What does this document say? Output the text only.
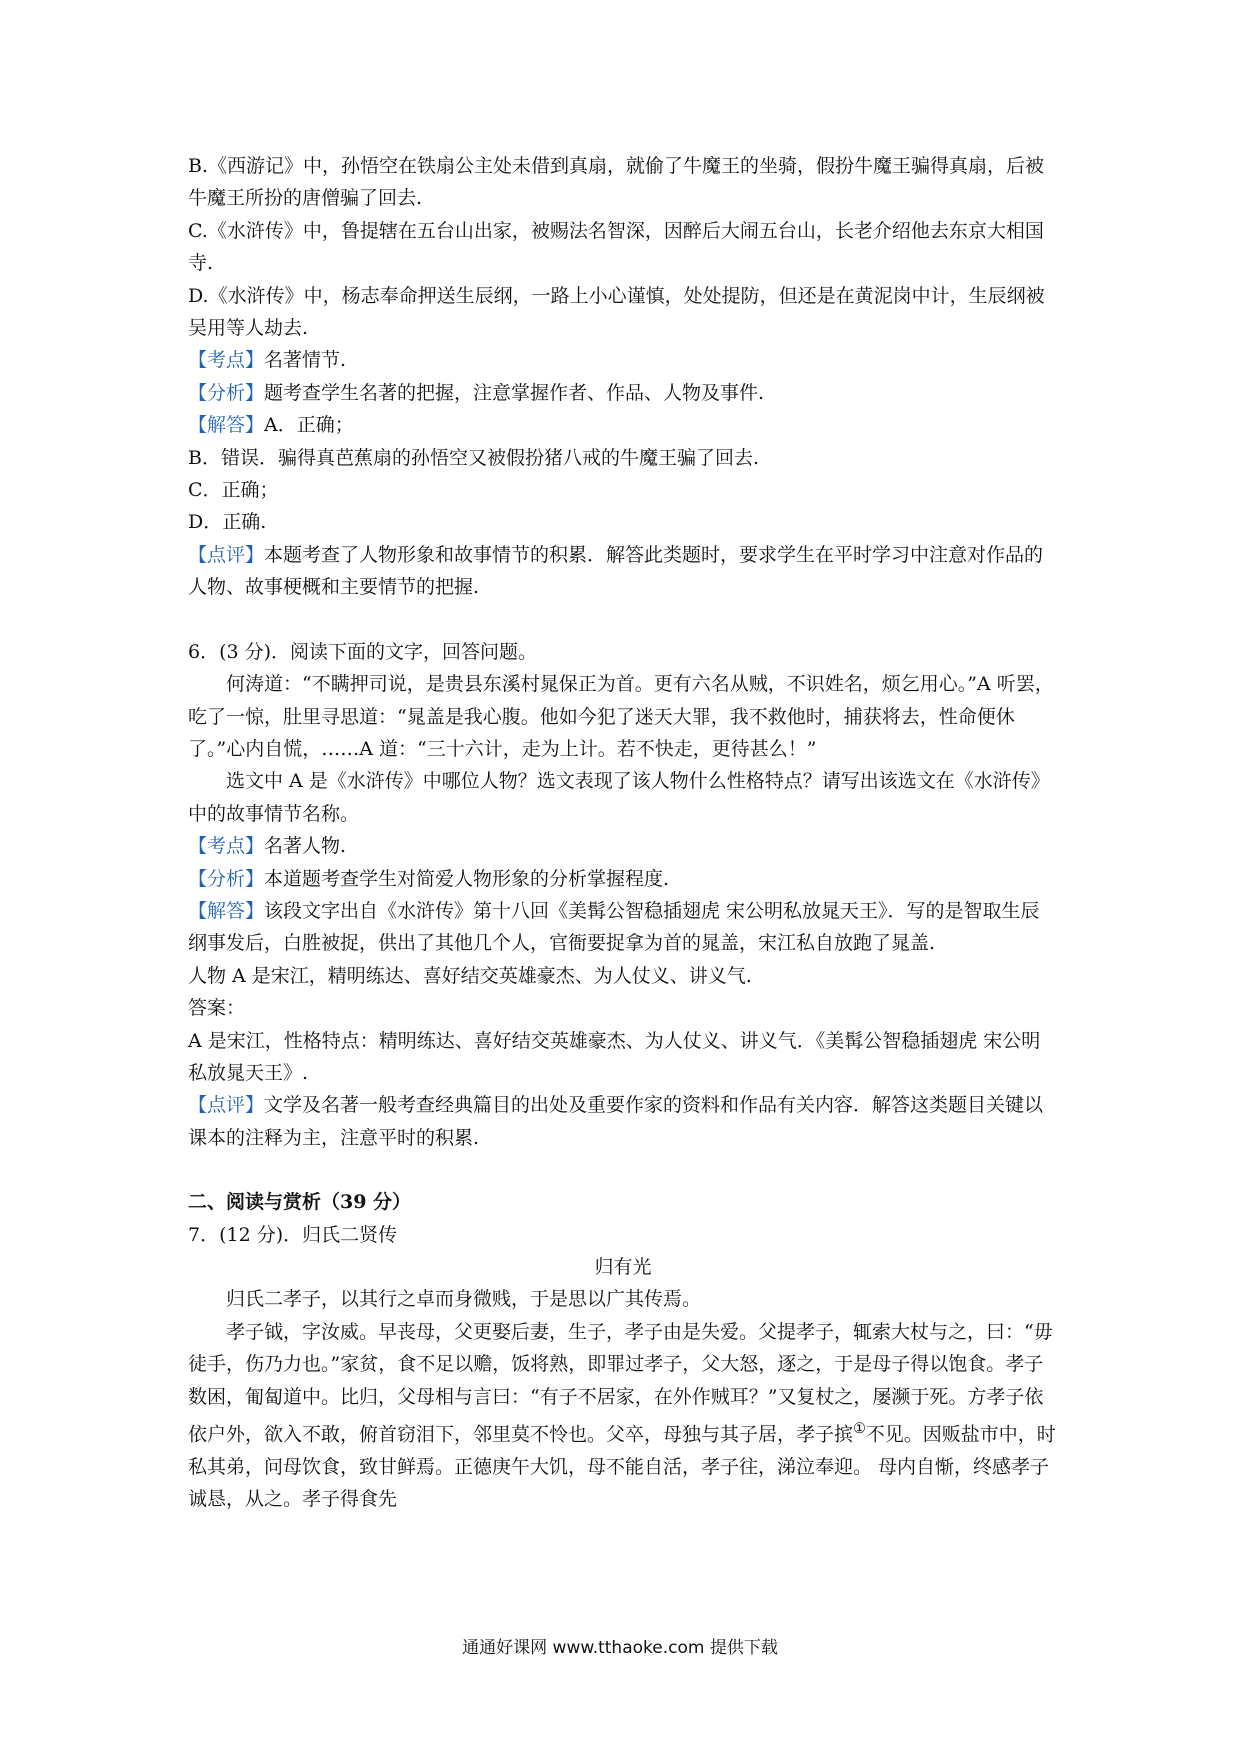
B.《西游记》中，孙悟空在铁扇公主处未借到真扇，就偷了牛魔王的坐骑，假扮牛魔王骗得真扇，后被牛魔王所扮的唐僧骗了回去.

C.《水浒传》中，鲁提辖在五台山出家，被赐法名智深，因醉后大闹五台山，长老介绍他去东京大相国寺.

D.《水浒传》中，杨志奉命押送生辰纲，一路上小心谨慎，处处提防，但还是在黄泥岗中计，生辰纲被吴用等人劫去.

【考点】名著情节.

【分析】题考查学生名著的把握，注意掌握作者、作品、人物及事件.

【解答】A．正确；

B．错误．骗得真芭蕉扇的孙悟空又被假扮猪八戒的牛魔王骗了回去.

C．正确；

D．正确.

【点评】本题考查了人物形象和故事情节的积累．解答此类题时，要求学生在平时学习中注意对作品的人物、故事梗概和主要情节的把握.

6．(3 分)．阅读下面的文字，回答问题。

何涛道：“不瞒押司说，是贵县东溪村晁保正为首。更有六名从贼，不识姓名，烦乞用心。”A 听罢，吃了一惊，肚里寻思道：“晁盖是我心腹。他如今犯了迷天大罪，我不救他时，捕获将去，性命便休了。”心内自慌，……A 道：“三十六计，走为上计。若不快走，更待甚么！”

选文中 A 是《水浒传》中哪位人物？选文表现了该人物什么性格特点？请写出该选文在《水浒传》中的故事情节名称。

【考点】名著人物.

【分析】本道题考查学生对简爱人物形象的分析掌握程度.

【解答】该段文字出自《水浒传》第十八回《美髯公智稳插翅虎 宋公明私放晁天王》．写的是智取生辰纲事发后，白胜被捉，供出了其他几个人，官衙要捉拿为首的晁盖，宋江私自放跑了晁盖.

人物 A 是宋江，精明练达、喜好结交英雄豪杰、为人仗义、讲义气.

答案：

A 是宋江，性格特点：精明练达、喜好结交英雄豪杰、为人仗义、讲义气．《美髯公智稳插翅虎 宋公明私放晁天王》.

【点评】文学及名著一般考查经典篇目的出处及重要作家的资料和作品有关内容．解答这类题目关键以课本的注释为主，注意平时的积累.

二、阅读与赏析（39 分）

7．(12 分)．归氏二贤传

归有光

归氏二孝子，以其行之卓而身微贱，于是思以广其传焉。

孝子钺，字汝威。早丧母，父更娶后妻，生子，孝子由是失爱。父提孝子，辄索大杖与之，曰：“毋徒手，伤乃力也。”家贫，食不足以赡，饭将熟，即罪过孝子，父大怒，逐之，于是母子得以饱食。孝子数困，匍匐道中。比归，父母相与言曰：“有子不居家，在外作贼耳？”又复杖之，屡濒于死。方孝子依依户外，欲入不敢，俯首窃泪下，邻里莫不怜也。父卒，母独与其子居，孝子摈①不见。因贩盐市中，时私其弟，问母饮食，致甘鲜焉。正德庚午大饥，母不能自活，孝子往，涕泣奉迎。 母内自惭，终感孝子诚恳，从之。孝子得食先

通通好课网 www.tthaoke.com 提供下载
